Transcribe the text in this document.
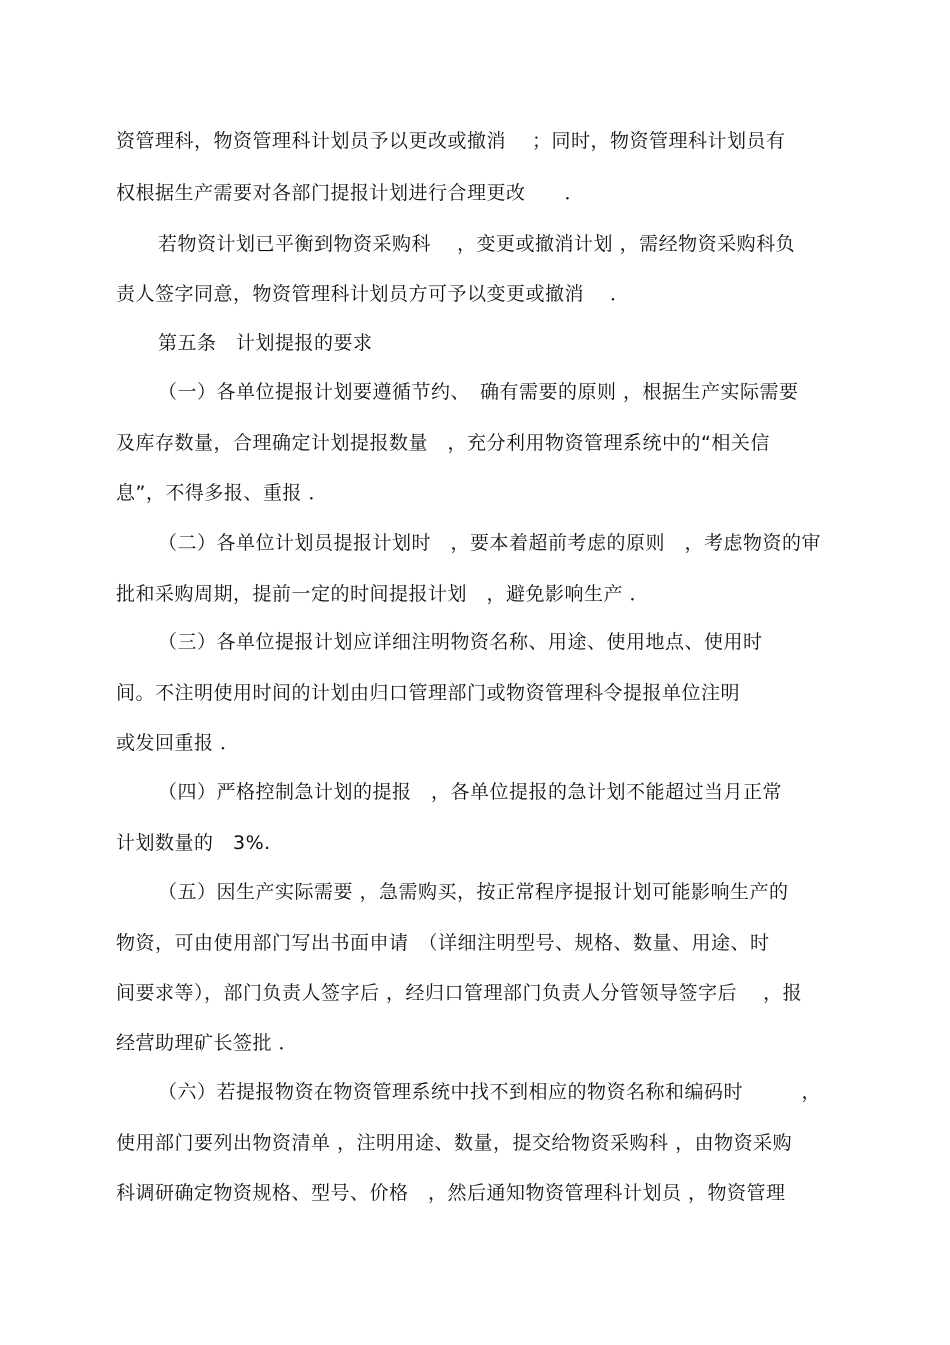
资管理科，物资管理科计划员予以更改或撤消　 ；同时，物资管理科计划员有
权根据生产需要对各部门提报计划进行合理更改　　．
若物资计划已平衡到物资采购科　 ，变更或撤消计划 ，需经物资采购科负
责人签字同意，物资管理科计划员方可予以变更或撤消　 ．
第五条　计划提报的要求
（一）各单位提报计划要遵循节约、　确有需要的原则 ，根据生产实际需要
及库存数量，合理确定计划提报数量　，充分利用物资管理系统中的“相关信
息”，不得多报、重报 ．
（二）各单位计划员提报计划时　，要本着超前考虑的原则　，考虑物资的审
批和采购周期，提前一定的时间提报计划　，避免影响生产 ．
（三）各单位提报计划应详细注明物资名称、用途、使用地点、使用时
间。不注明使用时间的计划由归口管理部门或物资管理科令提报单位注明
或发回重报 ．
（四）严格控制急计划的提报　，各单位提报的急计划不能超过当月正常
计划数量的　3%.
（五）因生产实际需要 ，急需购买，按正常程序提报计划可能影响生产的
物资，可由使用部门写出书面申请　（详细注明型号、规格、数量、用途、时
间要求等），部门负责人签字后 ，经归口管理部门负责人分管领导签字后　 ，报
经营助理矿长签批 ．
（六）若提报物资在物资管理系统中找不到相应的物资名称和编码时　　　，
使用部门要列出物资清单 ，注明用途、数量，提交给物资采购科 ，由物资采购
科调研确定物资规格、型号、价格　，然后通知物资管理科计划员 ，物资管理
